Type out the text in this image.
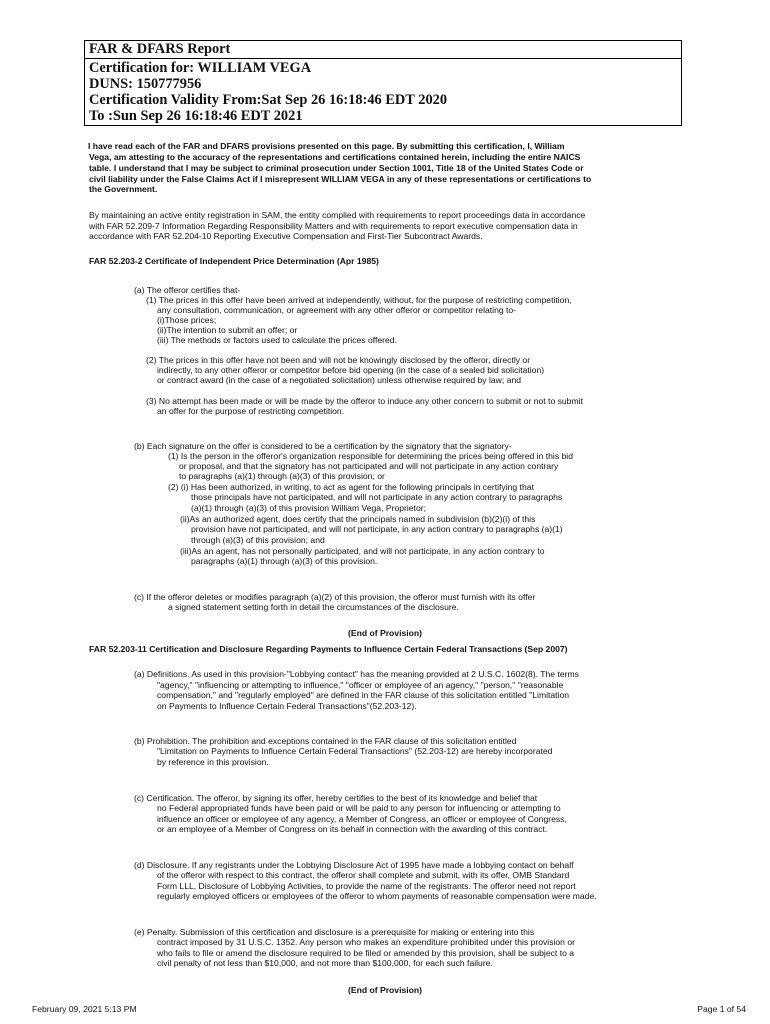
FAR & DFARS Report
Certification for: WILLIAM VEGA
DUNS: 150777956
Certification Validity From:Sat Sep 26 16:18:46 EDT 2020
To :Sun Sep 26 16:18:46 EDT 2021
I have read each of the FAR and DFARS provisions presented on this page. By submitting this certification, I, William
Vega, am attesting to the accuracy of the representations and certifications contained herein, including the entire NAICS
table. I understand that I may be subject to criminal prosecution under Section 1001, Title 18 of the United States Code or
civil liability under the False Claims Act if I misrepresent WILLIAM VEGA in any of these representations or certifications to
the Government.
By maintaining an active entity registration in SAM, the entity complied with requirements to report proceedings data in accordance
with FAR 52.209-7 Information Regarding Responsibility Matters and with requirements to report executive compensation data in
accordance with FAR 52.204-10 Reporting Executive Compensation and First-Tier Subcontract Awards.
FAR 52.203-2 Certificate of Independent Price Determination (Apr 1985)
(a) The offeror certifies that-
(1) The prices in this offer have been arrived at independently, without, for the purpose of restricting competition,
any consultation, communication, or agreement with any other offeror or competitor relating to-
(i)Those prices;
(ii)The intention to submit an offer; or
(iii) The methods or factors used to calculate the prices offered.
(2) The prices in this offer have not been and will not be knowingly disclosed by the offeror, directly or
indirectly, to any other offeror or competitor before bid opening (in the case of a sealed bid solicitation)
or contract award (in the case of a negotiated solicitation) unless otherwise required by law; and
(3) No attempt has been made or will be made by the offeror to induce any other concern to submit or not to submit
an offer for the purpose of restricting competition.
(b) Each signature on the offer is considered to be a certification by the signatory that the signatory-
(1) Is the person in the offeror's organization responsible for determining the prices being offered in this bid
or proposal, and that the signatory has not participated and will not participate in any action contrary
to paragraphs (a)(1) through (a)(3) of this provision; or
(2) (i) Has been authorized, in writing, to act as agent for the following principals in certifying that
those principals have not participated, and will not participate in any action contrary to paragraphs
(a)(1) through (a)(3) of this provision William Vega, Proprietor;
(ii)As an authorized agent, does certify that the principals named in subdivision (b)(2)(i) of this
provision have not participated, and will not participate, in any action contrary to paragraphs (a)(1)
through (a)(3) of this provision; and
(iii)As an agent, has not personally participated, and will not participate, in any action contrary to
paragraphs (a)(1) through (a)(3) of this provision.
(c) If the offeror deletes or modifies paragraph (a)(2) of this provision, the offeror must furnish with its offer
a signed statement setting forth in detail the circumstances of the disclosure.
(End of Provision)
FAR 52.203-11 Certification and Disclosure Regarding Payments to Influence Certain Federal Transactions (Sep 2007)
(a) Definitions. As used in this provision-"Lobbying contact" has the meaning provided at 2 U.S.C. 1602(8). The terms
"agency," "influencing or attempting to influence," "officer or employee of an agency," "person," "reasonable
compensation," and "regularly employed" are defined in the FAR clause of this solicitation entitled "Limitation
on Payments to Influence Certain Federal Transactions"(52.203-12).
(b) Prohibition. The prohibition and exceptions contained in the FAR clause of this solicitation entitled
"Limitation on Payments to Influence Certain Federal Transactions" (52.203-12) are hereby incorporated
by reference in this provision.
(c) Certification. The offeror, by signing its offer, hereby certifies to the best of its knowledge and belief that
no Federal appropriated funds have been paid or will be paid to any person for influencing or attempting to
influence an officer or employee of any agency, a Member of Congress, an officer or employee of Congress,
or an employee of a Member of Congress on its behalf in connection with the awarding of this contract.
(d) Disclosure. If any registrants under the Lobbying Disclosure Act of 1995 have made a lobbying contact on behalf
of the offeror with respect to this contract, the offeror shall complete and submit, with its offer, OMB Standard
Form LLL, Disclosure of Lobbying Activities, to provide the name of the registrants. The offeror need not report
regularly employed officers or employees of the offeror to whom payments of reasonable compensation were made.
(e) Penalty. Submission of this certification and disclosure is a prerequisite for making or entering into this
contract imposed by 31 U.S.C. 1352. Any person who makes an expenditure prohibited under this provision or
who fails to file or amend the disclosure required to be filed or amended by this provision, shall be subject to a
civil penalty of not less than $10,000, and not more than $100,000, for each such failure.
(End of Provision)
February 09, 2021 5:13 PM	Page 1 of 54
